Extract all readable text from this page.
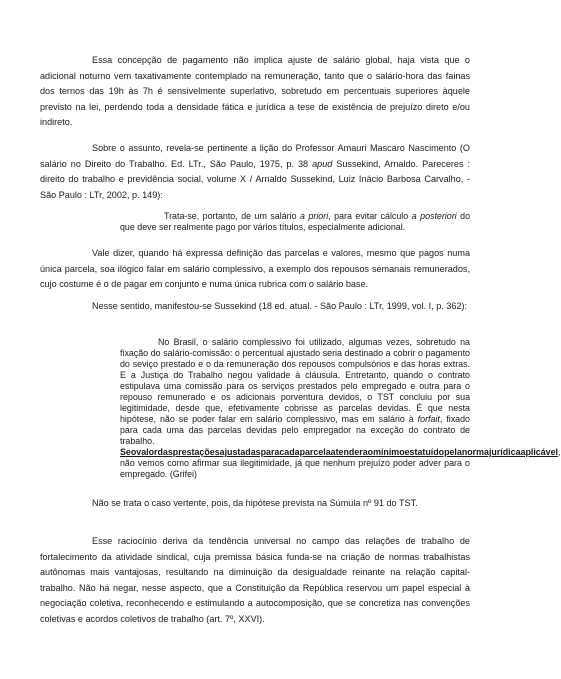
Essa concepção de pagamento não implica ajuste de salário global, haja vista que o adicional noturno vem taxativamente contemplado na remuneração, tanto que o salário-hora das fainas dos ternos das 19h às 7h é sensivelmente superlativo, sobretudo em percentuais superiores àquele previsto na lei, perdendo toda a densidade fática e jurídica a tese de existência de prejuízo direto e/ou indireto.

Sobre o assunto, revela-se pertinente a lição do Professor Amauri Mascaro Nascimento (O salário no Direito do Trabalho. Ed. LTr., São Paulo, 1975, p. 38 apud Sussekind, Arnaldo. Pareceres : direito do trabalho e previdência social, volume X / Arnaldo Sussekind, Luiz Inácio Barbosa Carvalho, - São Paulo : LTr, 2002, p. 149):

Trata-se, portanto, de um salário a priori, para evitar cálculo a posteriori do que deve ser realmente pago por vários títulos, especialmente adicional.

Vale dizer, quando há expressa definição das parcelas e valores, mesmo que pagos numa única parcela, soa ilógico falar em salário complessivo, a exemplo dos repousos semanais remunerados, cujo costume é o de pagar em conjunto e numa única rubrica com o salário base.

Nesse sentido, manifestou-se Sussekind (18 ed. atual. - São Paulo : LTr, 1999, vol. I, p. 362):

No Brasil, o salário complessivo foi utilizado, algumas vezes, sobretudo na fixação do salário-comissão: o percentual ajustado seria destinado a cobrir o pagamento do seviço prestado e o da remuneração dos repousos compulsórios e das horas extras. E a Justiça do Trabalho negou validade à cláusula. Entretanto, quando o contrato estipulava uma comissão para os serviços prestados pelo empregado e outra para o repouso remunerado e os adicionais porventura devidos, o TST concluiu por sua legitimidade, desde que, efetivamente cobrisse as parcelas devidas. É que nesta hipótese, não se poder falar em salário complessivo, mas em salário à forfait, fixado para cada uma das parcelas devidas pelo empregador na exceção do contrato de trabalho. Seovalordasprestaçõesajustadasparacadaparcelaatenderaomínimoestatuídopelanormajurídicaaplicável, não vemos como afirmar sua ilegitimidade, já que nenhum prejuízo poder adver para o empregado. (Grifei)

Não se trata o caso vertente, pois, da hipótese prevista na Súmula nº 91 do TST.

Esse raciocínio deriva da tendência universal no campo das relações de trabalho de fortalecimento da atividade sindical, cuja premissa básica funda-se na criação de normas trabalhistas autônomas mais vantajosas, resultando na diminuição da desigualdade reinante na relação capital-trabalho. Não há negar, nesse aspecto, que a Constituição da República reservou um papel especial à negociação coletiva, reconhecendo e estimulando a autocomposição, que se concretiza nas convenções coletivas e acordos coletivos de trabalho (art. 7º, XXVI).
